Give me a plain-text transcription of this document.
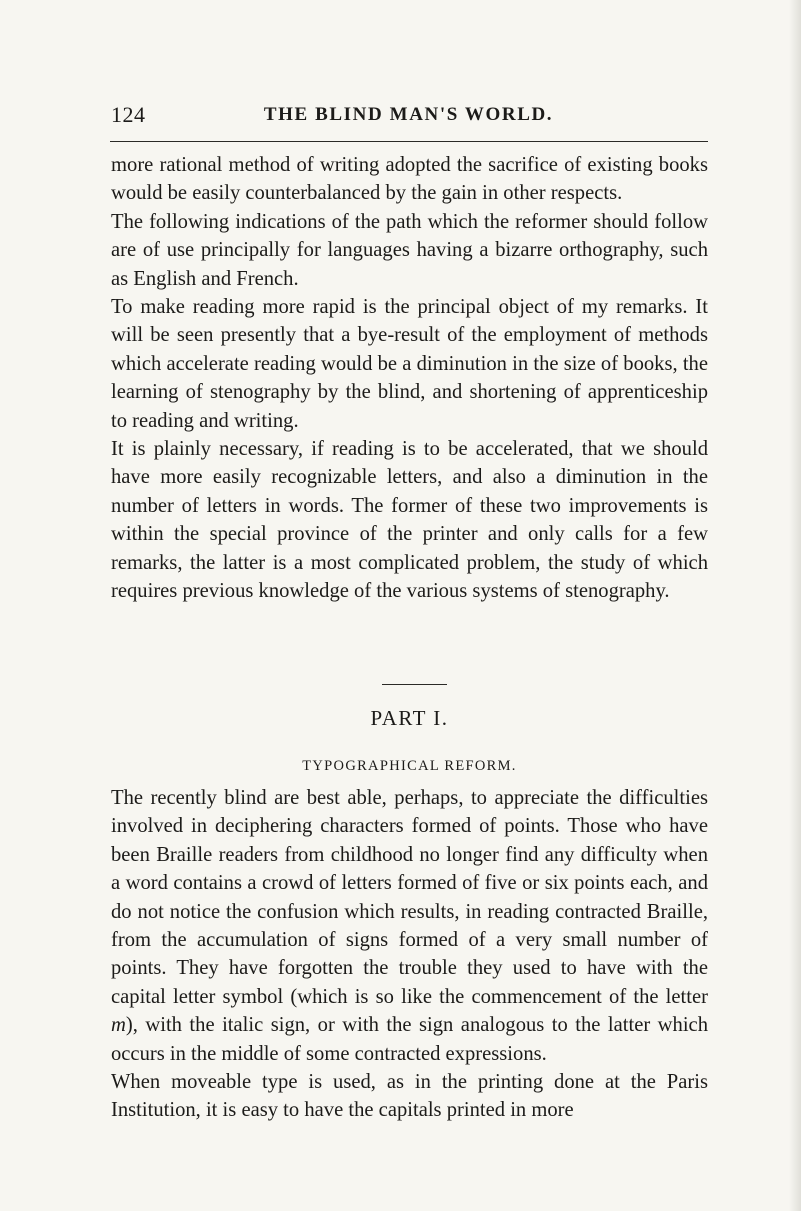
124	THE BLIND MAN'S WORLD.

more rational method of writing adopted the sacrifice of existing books would be easily counterbalanced by the gain in other respects.

The following indications of the path which the reformer should follow are of use principally for languages having a bizarre orthography, such as English and French.

To make reading more rapid is the principal object of my remarks. It will be seen presently that a bye-result of the employment of methods which accelerate reading would be a diminution in the size of books, the learning of stenography by the blind, and shortening of apprenticeship to reading and writing.

It is plainly necessary, if reading is to be accelerated, that we should have more easily recognizable letters, and also a diminution in the number of letters in words. The former of these two improvements is within the special province of the printer and only calls for a few remarks, the latter is a most complicated problem, the study of which requires previous knowledge of the various systems of stenography.

PART I.
TYPOGRAPHICAL REFORM.

The recently blind are best able, perhaps, to appreciate the difficulties involved in deciphering characters formed of points. Those who have been Braille readers from childhood no longer find any difficulty when a word contains a crowd of letters formed of five or six points each, and do not notice the confusion which results, in reading contracted Braille, from the accumulation of signs formed of a very small number of points. They have forgotten the trouble they used to have with the capital letter symbol (which is so like the commencement of the letter m), with the italic sign, or with the sign analogous to the latter which occurs in the middle of some contracted expressions.

When moveable type is used, as in the printing done at the Paris Institution, it is easy to have the capitals printed in more
